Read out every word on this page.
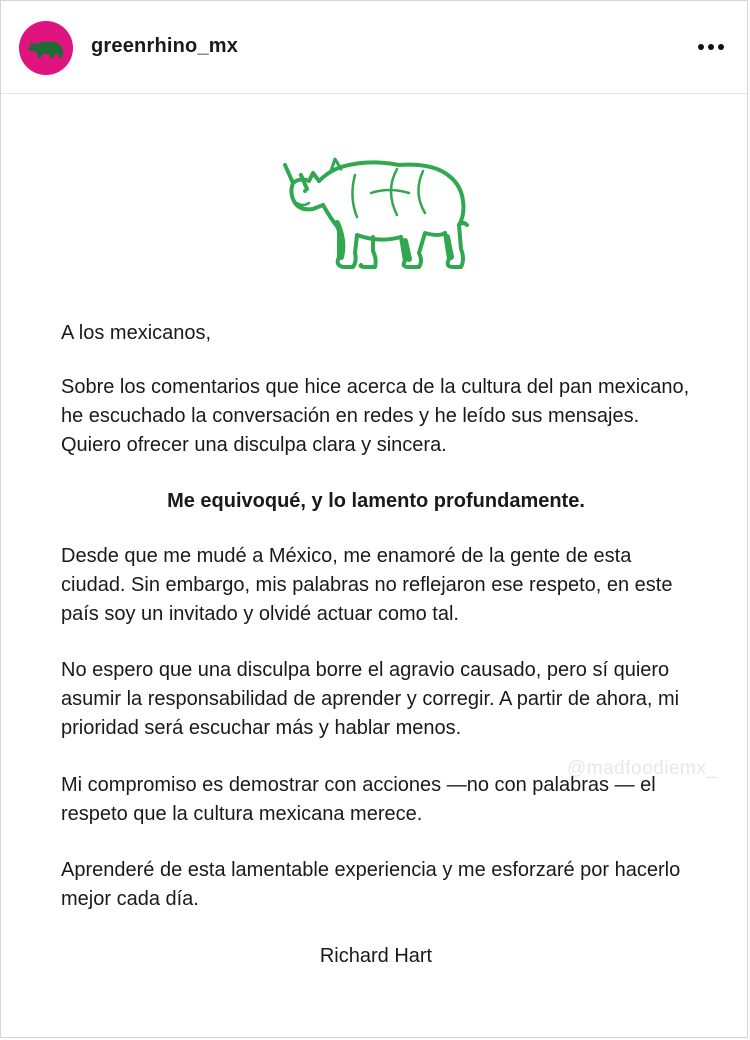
greenrhino_mx
A los mexicanos,
Sobre los comentarios que hice acerca de la cultura del pan mexicano, he escuchado la conversación en redes y he leído sus mensajes. Quiero ofrecer una disculpa clara y sincera.
Me equivoqué, y lo lamento profundamente.
Desde que me mudé a México, me enamoré de la gente de esta ciudad. Sin embargo, mis palabras no reflejaron ese respeto, en este país soy un invitado y olvidé actuar como tal.
No espero que una disculpa borre el agravio causado, pero sí quiero asumir la responsabilidad de aprender y corregir. A partir de ahora, mi prioridad será escuchar más y hablar menos.
Mi compromiso es demostrar con acciones —no con palabras — el respeto que la cultura mexicana merece.
Aprenderé de esta lamentable experiencia y me esforzaré por hacerlo mejor cada día.
Richard Hart
@madfoodiemx_
